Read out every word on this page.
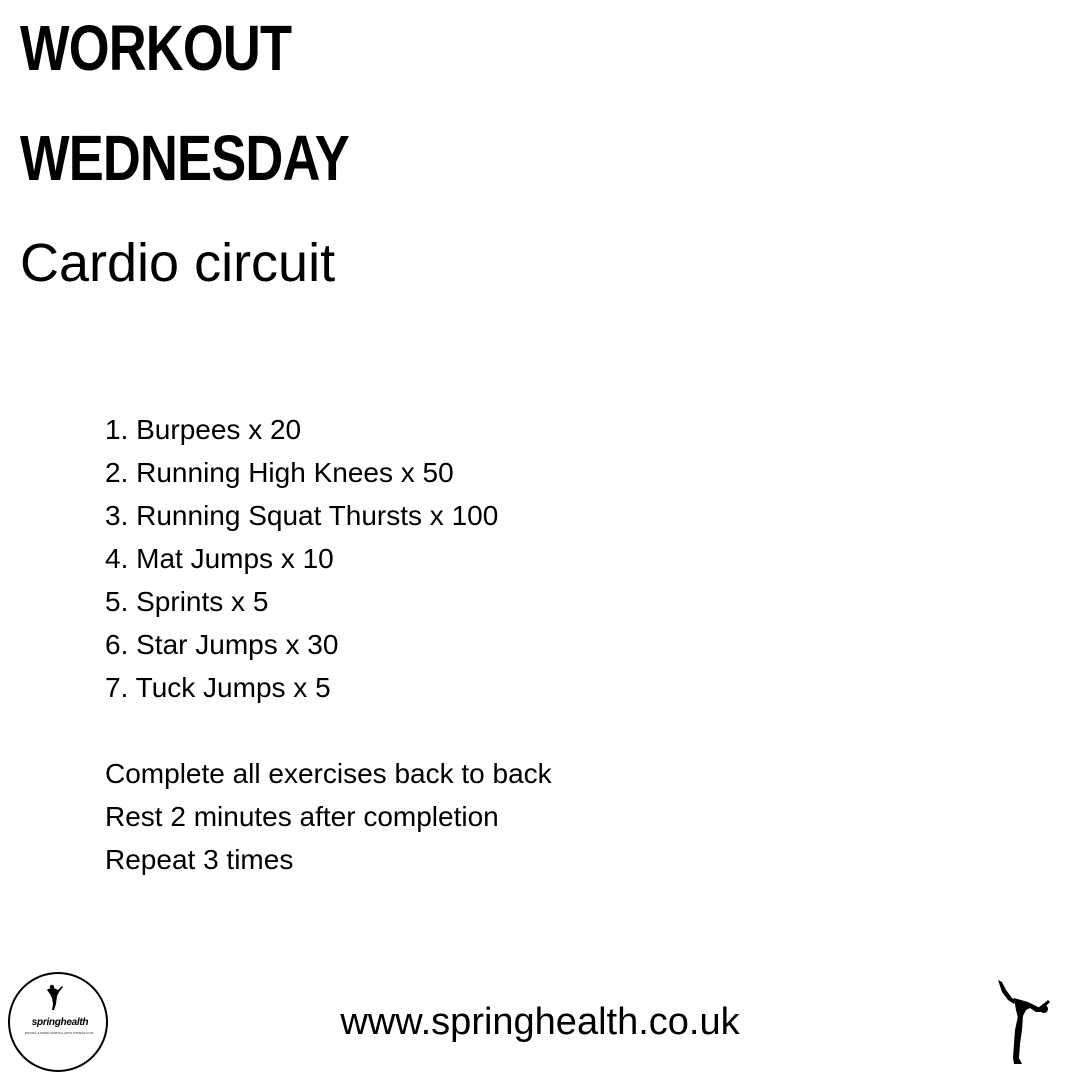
WORKOUT
WEDNESDAY
Cardio circuit
1. Burpees x 20
2. Running High Knees x 50
3. Running Squat Thursts x 100
4. Mat Jumps x 10
5. Sprints x 5
6. Star Jumps x 30
7. Tuck Jumps x 5
Complete all exercises back to back
Rest 2 minutes after completion
Repeat 3 times
springhealth
BOXING & MIXED MARTIAL ARTS FITNESS GYM	www.springhealth.co.uk
